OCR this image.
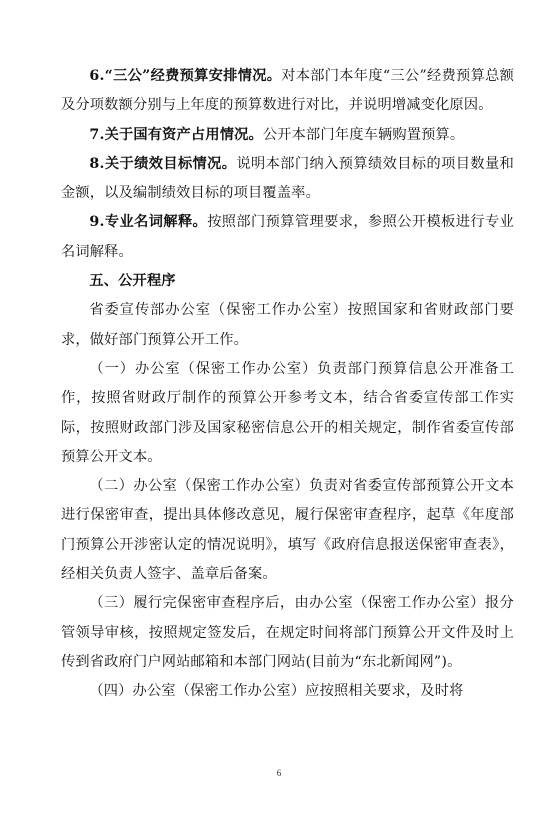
6.“三公”经费预算安排情况。对本部门本年度“三公”经费预算总额及分项数额分别与上年度的预算数进行对比，并说明增减变化原因。

7.关于国有资产占用情况。公开本部门年度车辆购置预算。

8.关于绩效目标情况。说明本部门纳入预算绩效目标的项目数量和金额，以及编制绩效目标的项目覆盖率。

9.专业名词解释。按照部门预算管理要求，参照公开模板进行专业名词解释。

五、公开程序

省委宣传部办公室（保密工作办公室）按照国家和省财政部门要求，做好部门预算公开工作。

（一）办公室（保密工作办公室）负责部门预算信息公开准备工作，按照省财政厅制作的预算公开参考文本，结合省委宣传部工作实际，按照财政部门涉及国家秘密信息公开的相关规定，制作省委宣传部预算公开文本。

（二）办公室（保密工作办公室）负责对省委宣传部预算公开文本进行保密审查，提出具体修改意见，履行保密审查程序，起草《年度部门预算公开涉密认定的情况说明》，填写《政府信息报送保密审查表》，经相关负责人签字、盖章后备案。

（三）履行完保密审查程序后，由办公室（保密工作办公室）报分管领导审核，按照规定签发后，在规定时间将部门预算公开文件及时上传到省政府门户网站邮箱和本部门网站(目前为“东北新闻网”)。

（四）办公室（保密工作办公室）应按照相关要求，及时将

6
